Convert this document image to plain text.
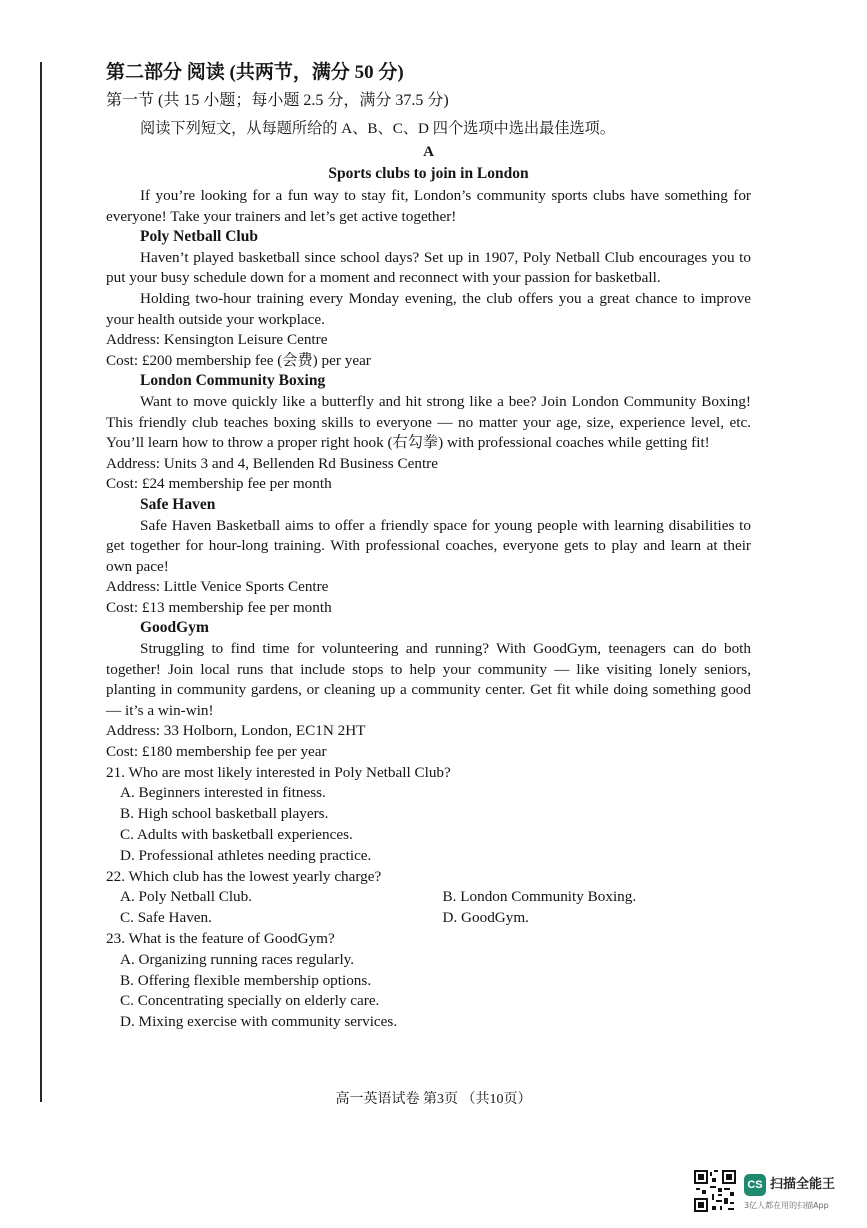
第二部分 阅读 (共两节，满分 50 分)

第一节 (共 15 小题；每小题 2.5 分，满分 37.5 分)

阅读下列短文，从每题所给的 A、B、C、D 四个选项中选出最佳选项。

A

Sports clubs to join in London

If you’re looking for a fun way to stay fit, London’s community sports clubs have something for everyone! Take your trainers and let’s get active together!

Poly Netball Club

Haven’t played basketball since school days? Set up in 1907, Poly Netball Club encourages you to put your busy schedule down for a moment and reconnect with your passion for basketball.

Holding two-hour training every Monday evening, the club offers you a great chance to improve your health outside your workplace.

Address: Kensington Leisure Centre

Cost: £200 membership fee (会费) per year

London Community Boxing

Want to move quickly like a butterfly and hit strong like a bee? Join London Community Boxing! This friendly club teaches boxing skills to everyone — no matter your age, size, experience level, etc. You’ll learn how to throw a proper right hook (右勾拳) with professional coaches while getting fit!

Address: Units 3 and 4, Bellenden Rd Business Centre

Cost: £24 membership fee per month

Safe Haven

Safe Haven Basketball aims to offer a friendly space for young people with learning disabilities to get together for hour-long training. With professional coaches, everyone gets to play and learn at their own pace!

Address: Little Venice Sports Centre

Cost: £13 membership fee per month

GoodGym

Struggling to find time for volunteering and running? With GoodGym, teenagers can do both together! Join local runs that include stops to help your community — like visiting lonely seniors, planting in community gardens, or cleaning up a community center. Get fit while doing something good — it’s a win-win!

Address: 33 Holborn, London, EC1N 2HT

Cost: £180 membership fee per year

21. Who are most likely interested in Poly Netball Club?

A. Beginners interested in fitness.

B. High school basketball players.

C. Adults with basketball experiences.

D. Professional athletes needing practice.

22. Which club has the lowest yearly charge?

A. Poly Netball Club.	B. London Community Boxing.

C. Safe Haven.	D. GoodGym.

23. What is the feature of GoodGym?

A. Organizing running races regularly.

B. Offering flexible membership options.

C. Concentrating specially on elderly care.

D. Mixing exercise with community services.

高一英语试卷 第3页 （共10页）
CS 扫描全能王
3亿人都在用的扫描App
